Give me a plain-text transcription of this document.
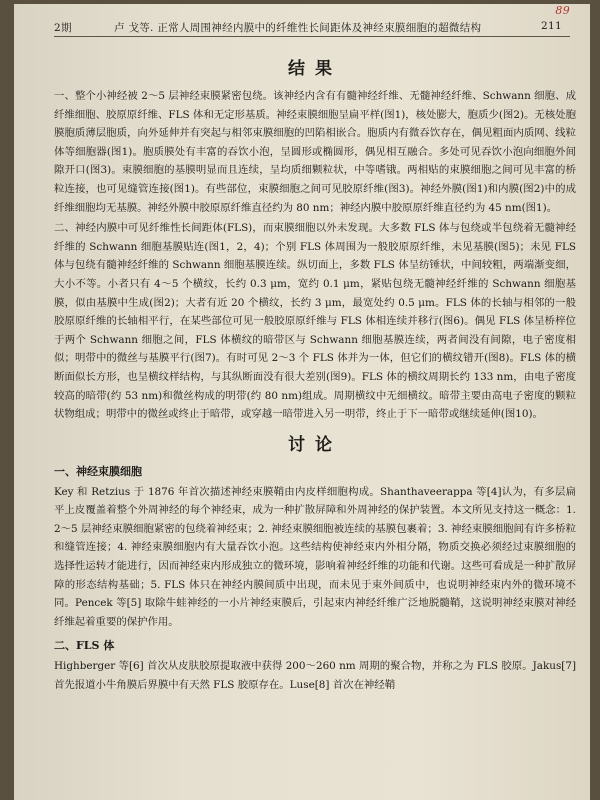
2期	卢 戈等. 正常人周围神经内膜中的纤维性长间距体及神经束膜细胞的超微结构	211
89
结果

一、整个小神经被 2～5 层神经束膜紧密包绕。该神经内含有有髓神经纤维、无髓神经纤维、Schwann 细胞、成纤维细胞、胶原原纤维、FLS 体和无定形基质。神经束膜细胞呈扁平样(图1)，核处膨大，胞质少(图2)。无核处胞膜胞质薄层胞质，向外延伸并有突起与相邻束膜细胞的凹陷相嵌合。胞质内有微吞饮存在，偶见粗面内质网、线粒体等细胞器(图1)。胞质膜处有丰富的吞饮小泡，呈圆形或椭圆形，偶见相互融合。多处可见吞饮小泡向细胞外间隙开口(图3)。束膜细胞的基膜明显而且连续，呈均质细颗粒状，中等嗜锇。两相贴的束膜细胞之间可见丰富的桥粒连接，也可见缝管连接(图1)。有些部位，束膜细胞之间可见胶原纤维(图3)。神经外膜(图1)和内膜(图2)中的成纤维细胞均无基膜。神经外膜中胶原原纤维直径约为 80 nm；神经内膜中胶原原纤维直径约为 45 nm(图1)。

二、神经内膜中可见纤维性长间距体(FLS)，而束膜细胞以外未发现。大多数 FLS 体与包绕或半包绕着无髓神经纤维的 Schwann 细胞基膜贴连(图1，2，4)；个别 FLS 体周围为一般胶原原纤维，未见基膜(图5)；未见 FLS 体与包绕有髓神经纤维的 Schwann 细胞基膜连续。纵切面上，多数 FLS 体呈纺锤状，中间较粗，两端渐变细，大小不等。小者只有 4～5 个横纹，长约 0.3 μm，宽约 0.1 μm，紧贴包绕无髓神经纤维的 Schwann 细胞基膜，似由基膜中生成(图2)；大者有近 20 个横纹，长约 3 μm，最宽处约 0.5 μm。FLS 体的长轴与相邻的一般胶原原纤维的长轴相平行，在某些部位可见一般胶原原纤维与 FLS 体相连续并移行(图6)。偶见 FLS 体呈桥梓位于两个 Schwann 细胞之间，FLS 体横纹的暗带区与 Schwann 细胞基膜连续，两者间没有间隙，电子密度相似；明带中的微丝与基膜平行(图7)。有时可见 2～3 个 FLS 体并为一体，但它们的横纹错开(图8)。FLS 体的横断面似长方形，也呈横纹样结构，与其纵断面没有很大差别(图9)。FLS 体的横纹周期长约 133 nm，由电子密度较高的暗带(约 53 nm)和微丝构成的明带(约 80 nm)组成。周期横纹中无细横纹。暗带主要由高电子密度的颗粒状物组成；明带中的微丝或终止于暗带，或穿越一暗带进入另一明带，终止于下一暗带或继续延伸(图10)。

讨论
一、神经束膜细胞

Key 和 Retzius 于 1876 年首次描述神经束膜鞘由内皮样细胞构成。Shanthaveerappa 等[4]认为，有多层扁平上皮覆盖着整个外周神经的每个神经束，成为一种扩散屏障和外周神经的保护装置。本文所见支持这一概念：1. 2～5 层神经束膜细胞紧密的包绕着神经束；2. 神经束膜细胞被连续的基膜包裹着；3. 神经束膜细胞间有许多桥粒和缝管连接；4. 神经束膜细胞内有大量吞饮小泡。这些结构使神经束内外相分隔，物质交换必须经过束膜细胞的选择性运转才能进行，因而神经束内形成独立的微环境，影响着神经纤维的功能和代谢。这些可看成是一种扩散屏障的形态结构基础；5. FLS 体只在神经内膜间质中出现，而未见于束外间质中，也说明神经束内外的微环境不同。Pencek 等[5] 取除牛蛙神经的一小片神经束膜后，引起束内神经纤维广泛地脱髓鞘，这说明神经束膜对神经纤维起着重要的保护作用。

二、FLS 体

Highberger 等[6] 首次从皮肤胶原提取液中获得 200～260 nm 周期的聚合物，并称之为 FLS 胶原。Jakus[7] 首先报道小牛角膜后界膜中有天然 FLS 胶原存在。Luse[8] 首次在神经鞘
